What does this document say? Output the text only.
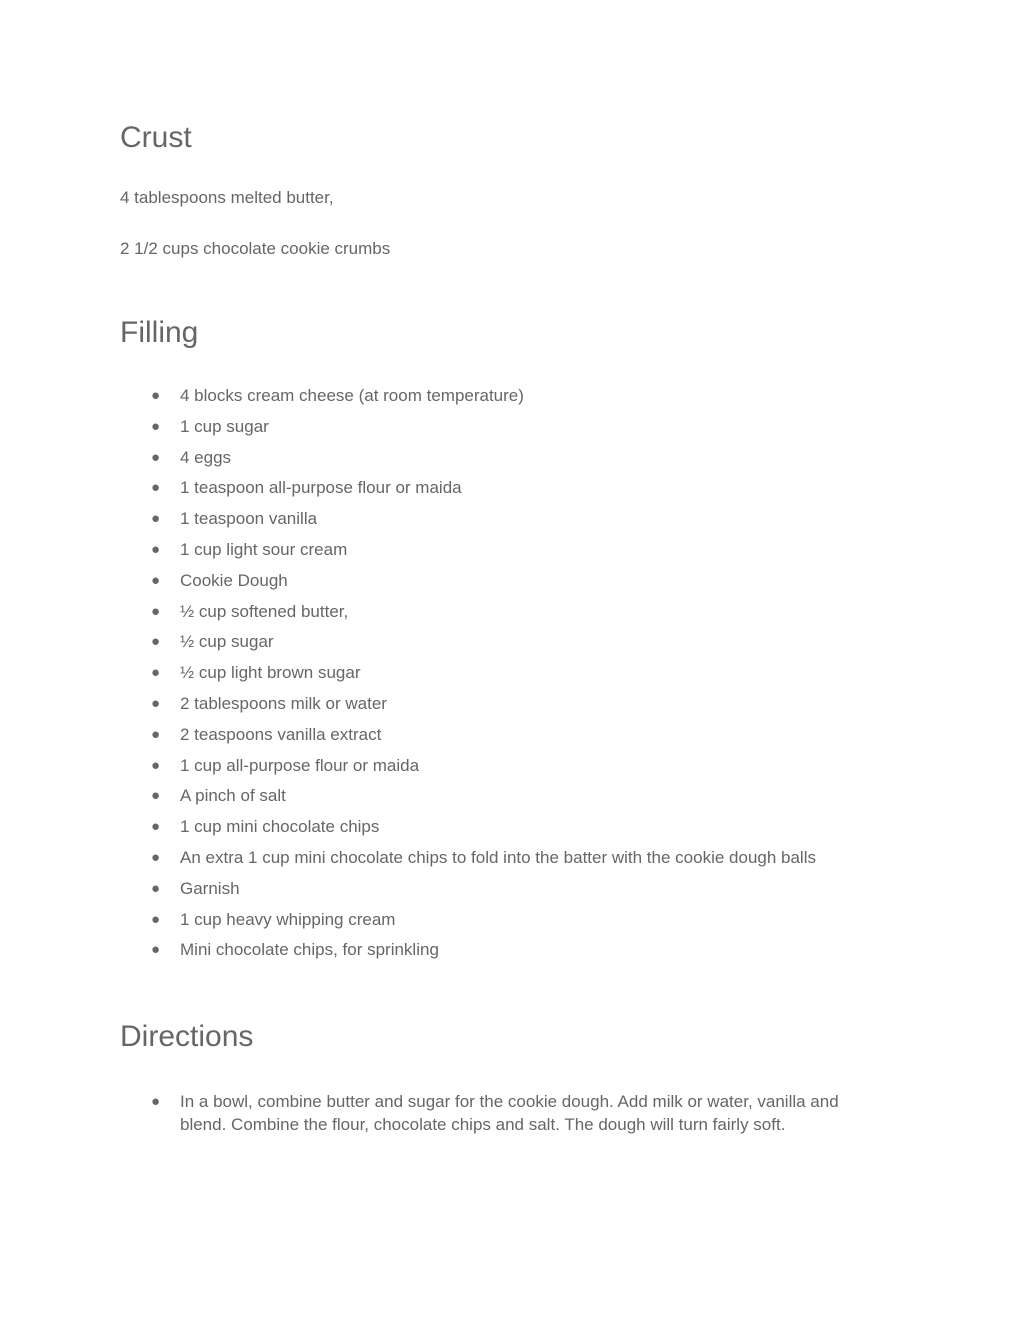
Crust

4 tablespoons melted butter,

2 1/2 cups chocolate cookie crumbs

Filling
● 4 blocks cream cheese (at room temperature)
● 1 cup sugar
● 4 eggs
● 1 teaspoon all-purpose flour or maida
● 1 teaspoon vanilla
● 1 cup light sour cream
● Cookie Dough
● ½ cup softened butter,
● ½ cup sugar
● ½ cup light brown sugar
● 2 tablespoons milk or water
● 2 teaspoons vanilla extract
● 1 cup all-purpose flour or maida
● A pinch of salt
● 1 cup mini chocolate chips
● An extra 1 cup mini chocolate chips to fold into the batter with the cookie dough balls
● Garnish
● 1 cup heavy whipping cream
● Mini chocolate chips, for sprinkling
Directions
● In a bowl, combine butter and sugar for the cookie dough. Add milk or water, vanilla and blend. Combine the flour, chocolate chips and salt. The dough will turn fairly soft.
